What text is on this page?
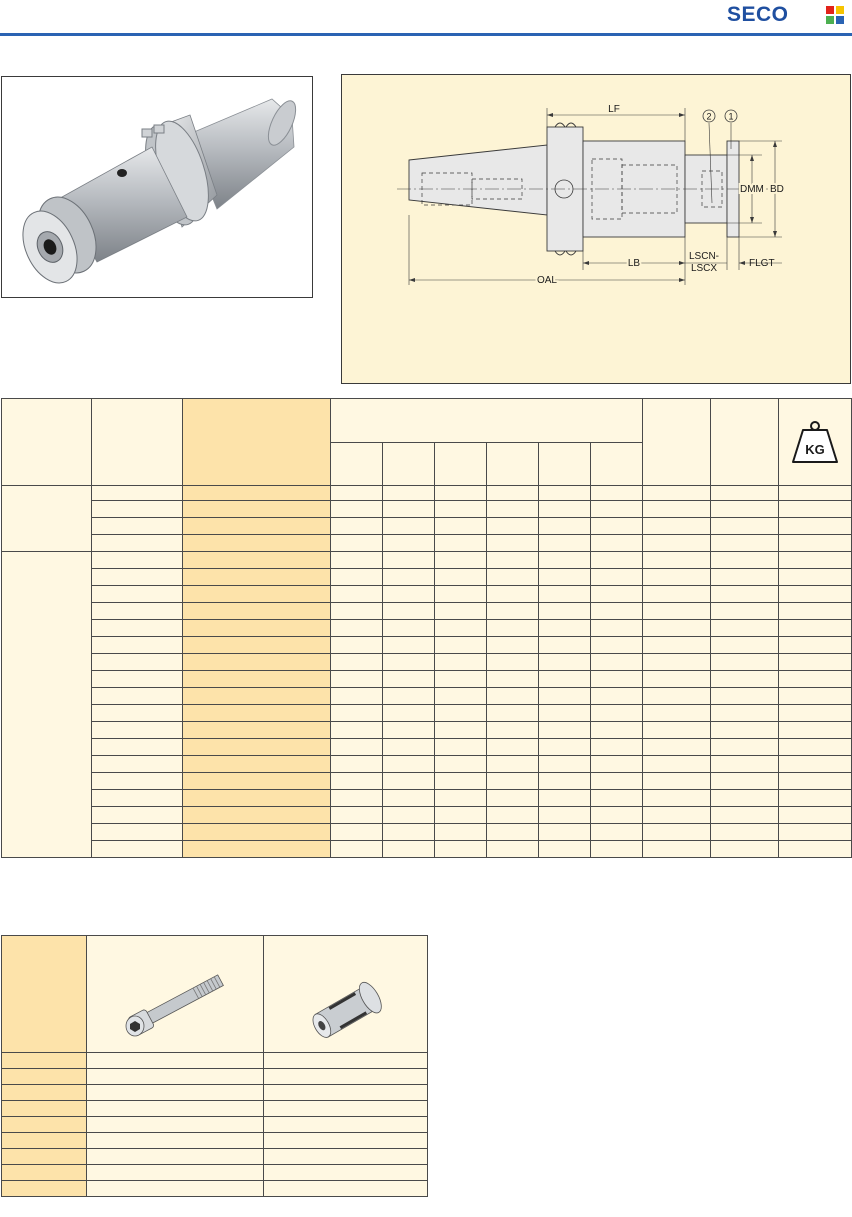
SECO
LF
OAL
LB
LSCN-
LSCX	FLGT
DMM BD
2 1

KG
